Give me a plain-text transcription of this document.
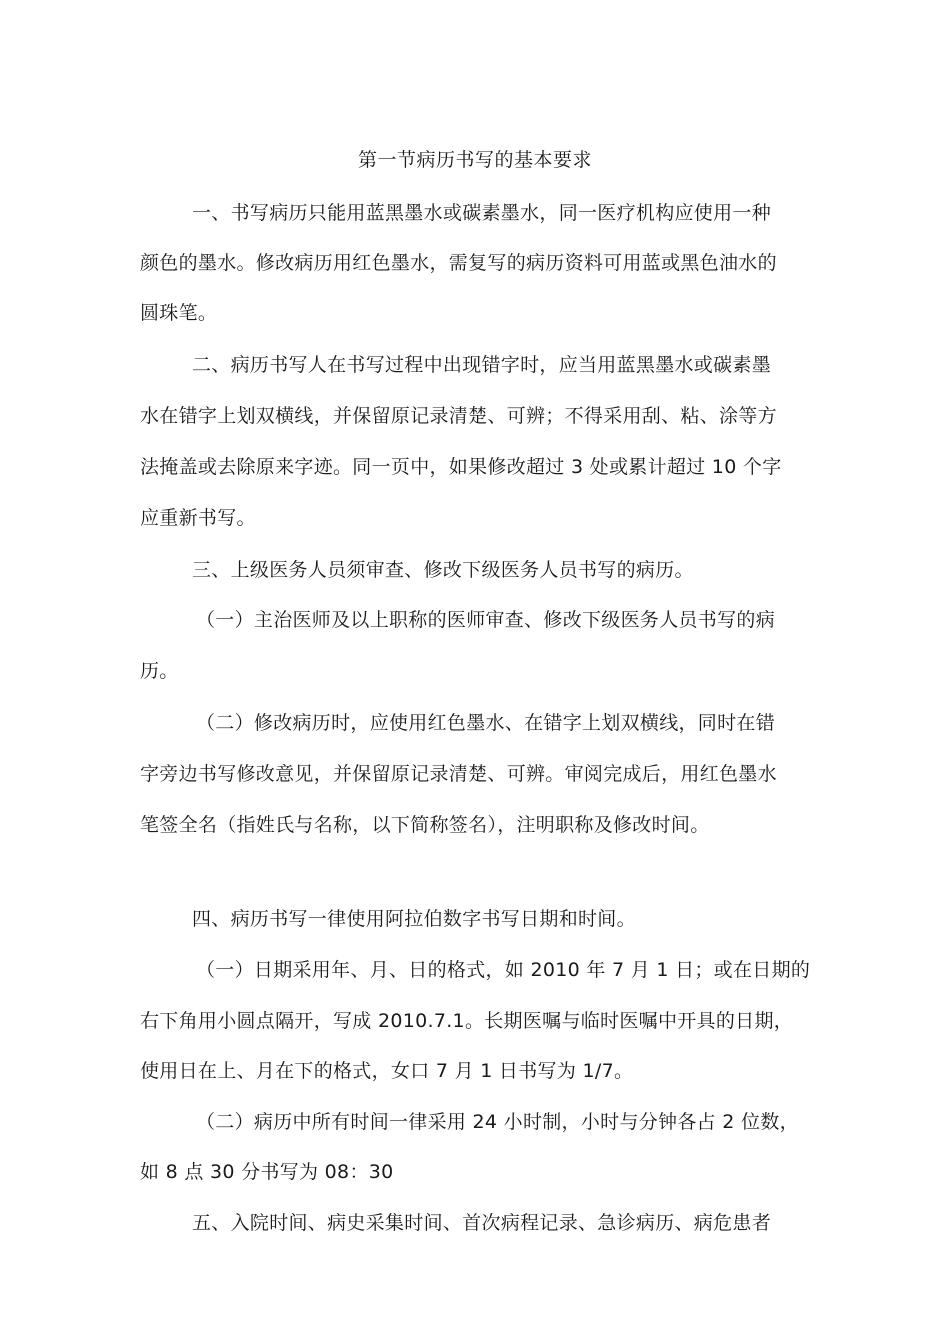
第一节病历书写的基本要求
一、书写病历只能用蓝黑墨水或碳素墨水，同一医疗机构应使用一种
颜色的墨水。修改病历用红色墨水，需复写的病历资料可用蓝或黑色油水的
圆珠笔。
二、病历书写人在书写过程中出现错字时，应当用蓝黑墨水或碳素墨
水在错字上划双横线，并保留原记录清楚、可辨；不得采用刮、粘、涂等方
法掩盖或去除原来字迹。同一页中，如果修改超过 3 处或累计超过 10 个字
应重新书写。
三、上级医务人员须审查、修改下级医务人员书写的病历。
（一）主治医师及以上职称的医师审查、修改下级医务人员书写的病
历。
（二）修改病历时，应使用红色墨水、在错字上划双横线，同时在错
字旁边书写修改意见，并保留原记录清楚、可辨。审阅完成后，用红色墨水
笔签全名（指姓氏与名称，以下简称签名），注明职称及修改时间。
四、病历书写一律使用阿拉伯数字书写日期和时间。
（一）日期采用年、月、日的格式，如 2010 年 7 月 1 日；或在日期的
右下角用小圆点隔开，写成 2010.7.1。长期医嘱与临时医嘱中开具的日期，
使用日在上、月在下的格式，女口 7 月 1 日书写为 1/7。
（二）病历中所有时间一律采用 24 小时制，小时与分钟各占 2 位数，
如 8 点 30 分书写为 08：30
五、入院时间、病史采集时间、首次病程记录、急诊病历、病危患者
